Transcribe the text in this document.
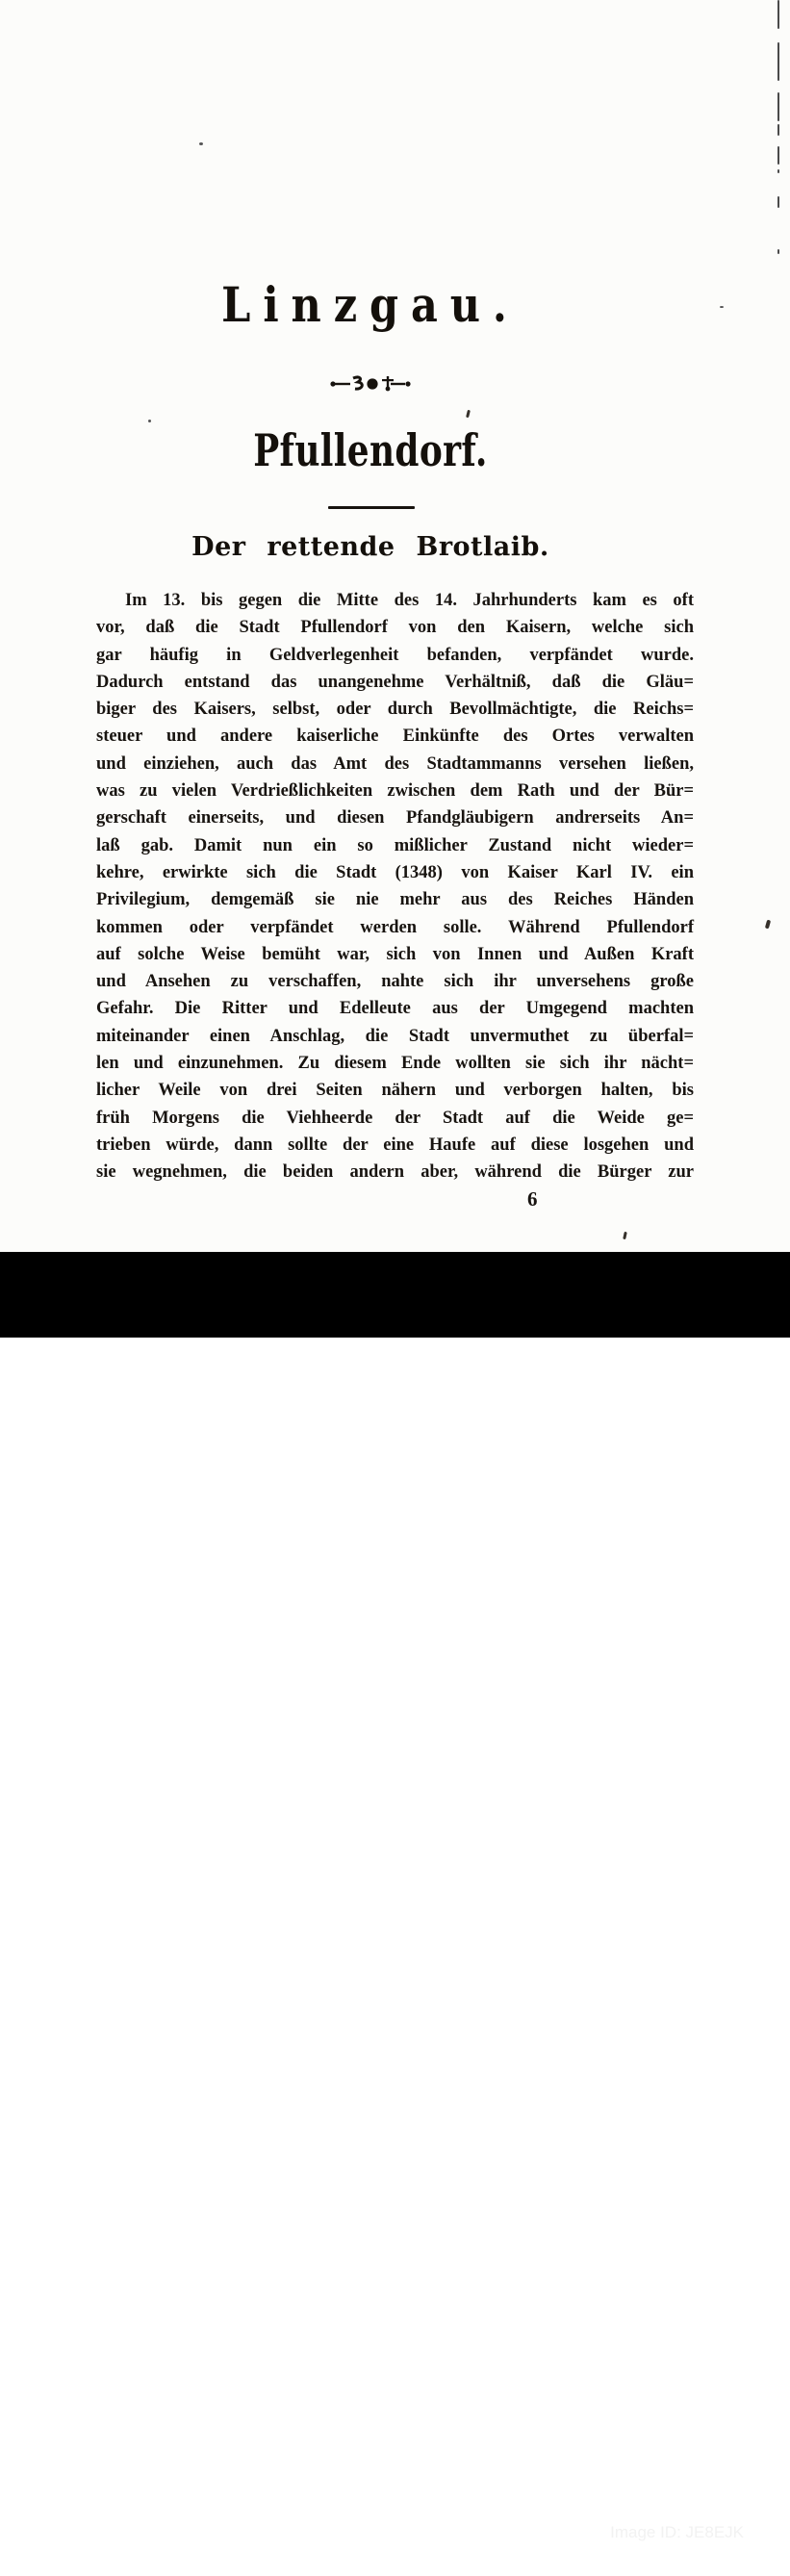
Linzgau.
Pfullendorf.
Der rettende Brotlaib.
Im 13. bis gegen die Mitte des 14. Jahrhunderts kam es oft
vor, daß die Stadt Pfullendorf von den Kaisern, welche sich
gar häufig in Geldverlegenheit befanden, verpfändet wurde.
Dadurch entstand das unangenehme Verhältniß, daß die Gläu=
biger des Kaisers, selbst, oder durch Bevollmächtigte, die Reichs=
steuer und andere kaiserliche Einkünfte des Ortes verwalten
und einziehen, auch das Amt des Stadtammanns versehen ließen,
was zu vielen Verdrießlichkeiten zwischen dem Rath und der Bür=
gerschaft einerseits, und diesen Pfandgläubigern andrerseits An=
laß gab. Damit nun ein so mißlicher Zustand nicht wieder=
kehre, erwirkte sich die Stadt (1348) von Kaiser Karl IV. ein
Privilegium, demgemäß sie nie mehr aus des Reiches Händen
kommen oder verpfändet werden solle. Während Pfullendorf
auf solche Weise bemüht war, sich von Innen und Außen Kraft
und Ansehen zu verschaffen, nahte sich ihr unversehens große
Gefahr. Die Ritter und Edelleute aus der Umgegend machten
miteinander einen Anschlag, die Stadt unvermuthet zu überfal=
len und einzunehmen. Zu diesem Ende wollten sie sich ihr nächt=
licher Weile von drei Seiten nähern und verborgen halten, bis
früh Morgens die Viehheerde der Stadt auf die Weide ge=
trieben würde, dann sollte der eine Haufe auf diese losgehen und
sie wegnehmen, die beiden andern aber, während die Bürger zur
6
alamy	Image ID: JE8EJK
www.alamy.com
